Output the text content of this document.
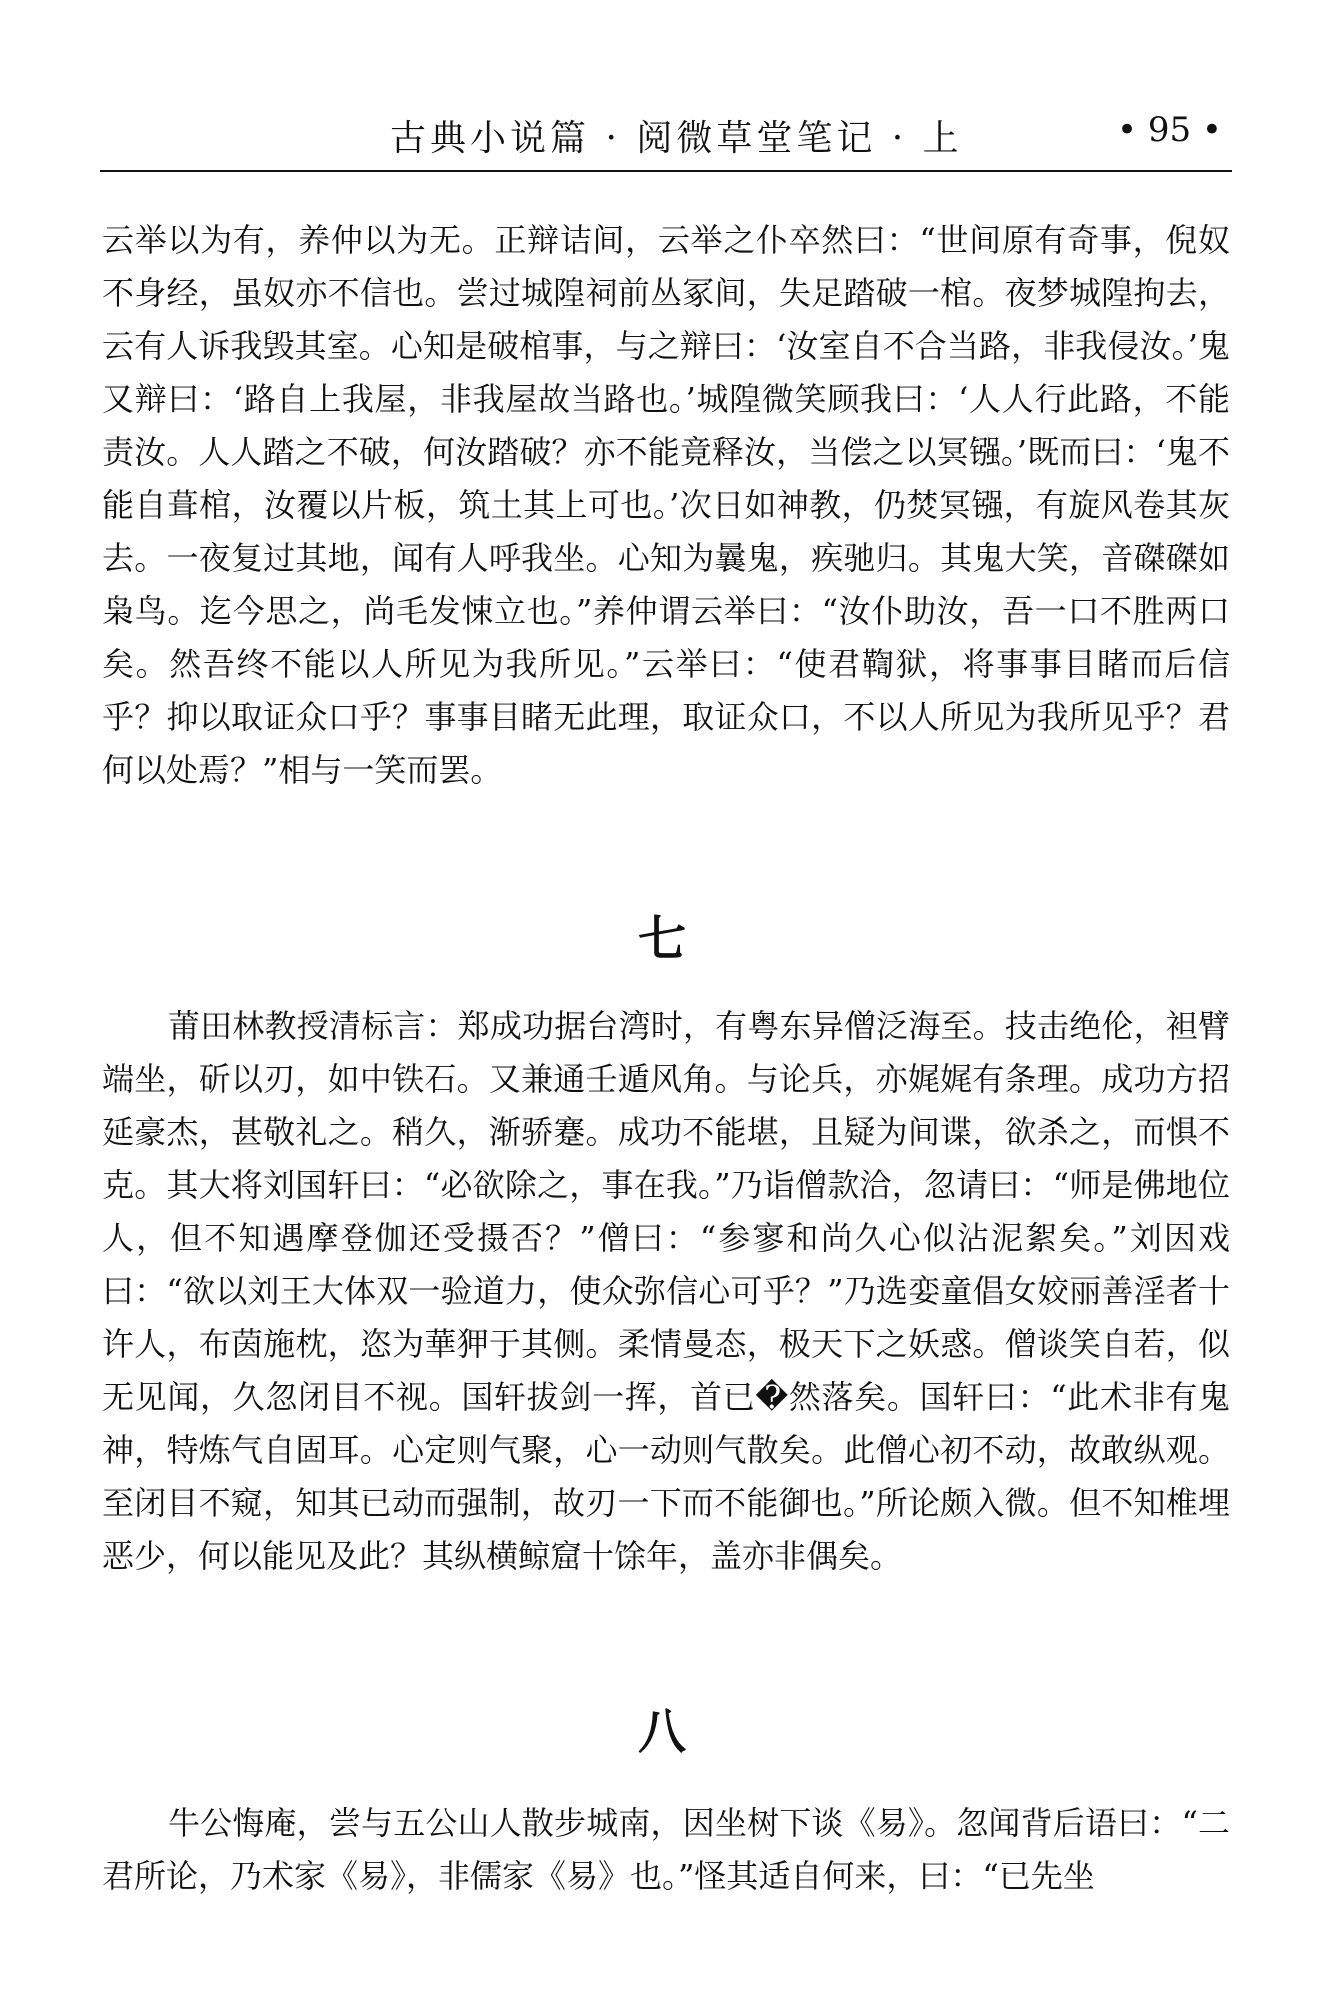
古典小说篇 · 阅微草堂笔记 · 上	• 95 •

云举以为有，养仲以为无。正辩诘间，云举之仆卒然曰：“世间原有奇事，倪奴不身经，虽奴亦不信也。尝过城隍祠前丛冢间，失足踏破一棺。夜梦城隍拘去，云有人诉我毁其室。心知是破棺事，与之辩曰：‘汝室自不合当路，非我侵汝。’鬼又辩曰：‘路自上我屋，非我屋故当路也。’城隍微笑顾我曰：‘人人行此路，不能责汝。人人踏之不破，何汝踏破？亦不能竟释汝，当偿之以冥镪。’既而曰：‘鬼不能自葺棺，汝覆以片板，筑土其上可也。’次日如神教，仍焚冥镪，有旋风卷其灰去。一夜复过其地，闻有人呼我坐。心知为曩鬼，疾驰归。其鬼大笑，音磔磔如枭鸟。迄今思之，尚毛发悚立也。”养仲谓云举曰：“汝仆助汝，吾一口不胜两口矣。然吾终不能以人所见为我所见。”云举曰：“使君鞫狱，将事事目睹而后信乎？抑以取证众口乎？事事目睹无此理，取证众口，不以人所见为我所见乎？君何以处焉？”相与一笑而罢。

七

莆田林教授清标言：郑成功据台湾时，有粤东异僧泛海至。技击绝伦，袒臂端坐，斫以刃，如中铁石。又兼通壬遁风角。与论兵，亦娓娓有条理。成功方招延豪杰，甚敬礼之。稍久，渐骄蹇。成功不能堪，且疑为间谍，欲杀之，而惧不克。其大将刘国轩曰：“必欲除之，事在我。”乃诣僧款洽，忽请曰：“师是佛地位人，但不知遇摩登伽还受摄否？”僧曰：“参寥和尚久心似沾泥絮矣。”刘因戏曰：“欲以刘王大体双一验道力，使众弥信心可乎？”乃选娈童倡女姣丽善淫者十许人，布茵施枕，恣为華狎于其侧。柔情曼态，极天下之妖惑。僧谈笑自若，似无见闻，久忽闭目不视。国轩拔剑一挥，首已�然落矣。国轩曰：“此术非有鬼神，特炼气自固耳。心定则气聚，心一动则气散矣。此僧心初不动，故敢纵观。至闭目不窥，知其已动而强制，故刃一下而不能御也。”所论颇入微。但不知椎埋恶少，何以能见及此？其纵横鲸窟十馀年，盖亦非偶矣。

八

牛公悔庵，尝与五公山人散步城南，因坐树下谈《易》。忽闻背后语曰：“二君所论，乃术家《易》，非儒家《易》也。”怪其适自何来，曰：“已先坐
